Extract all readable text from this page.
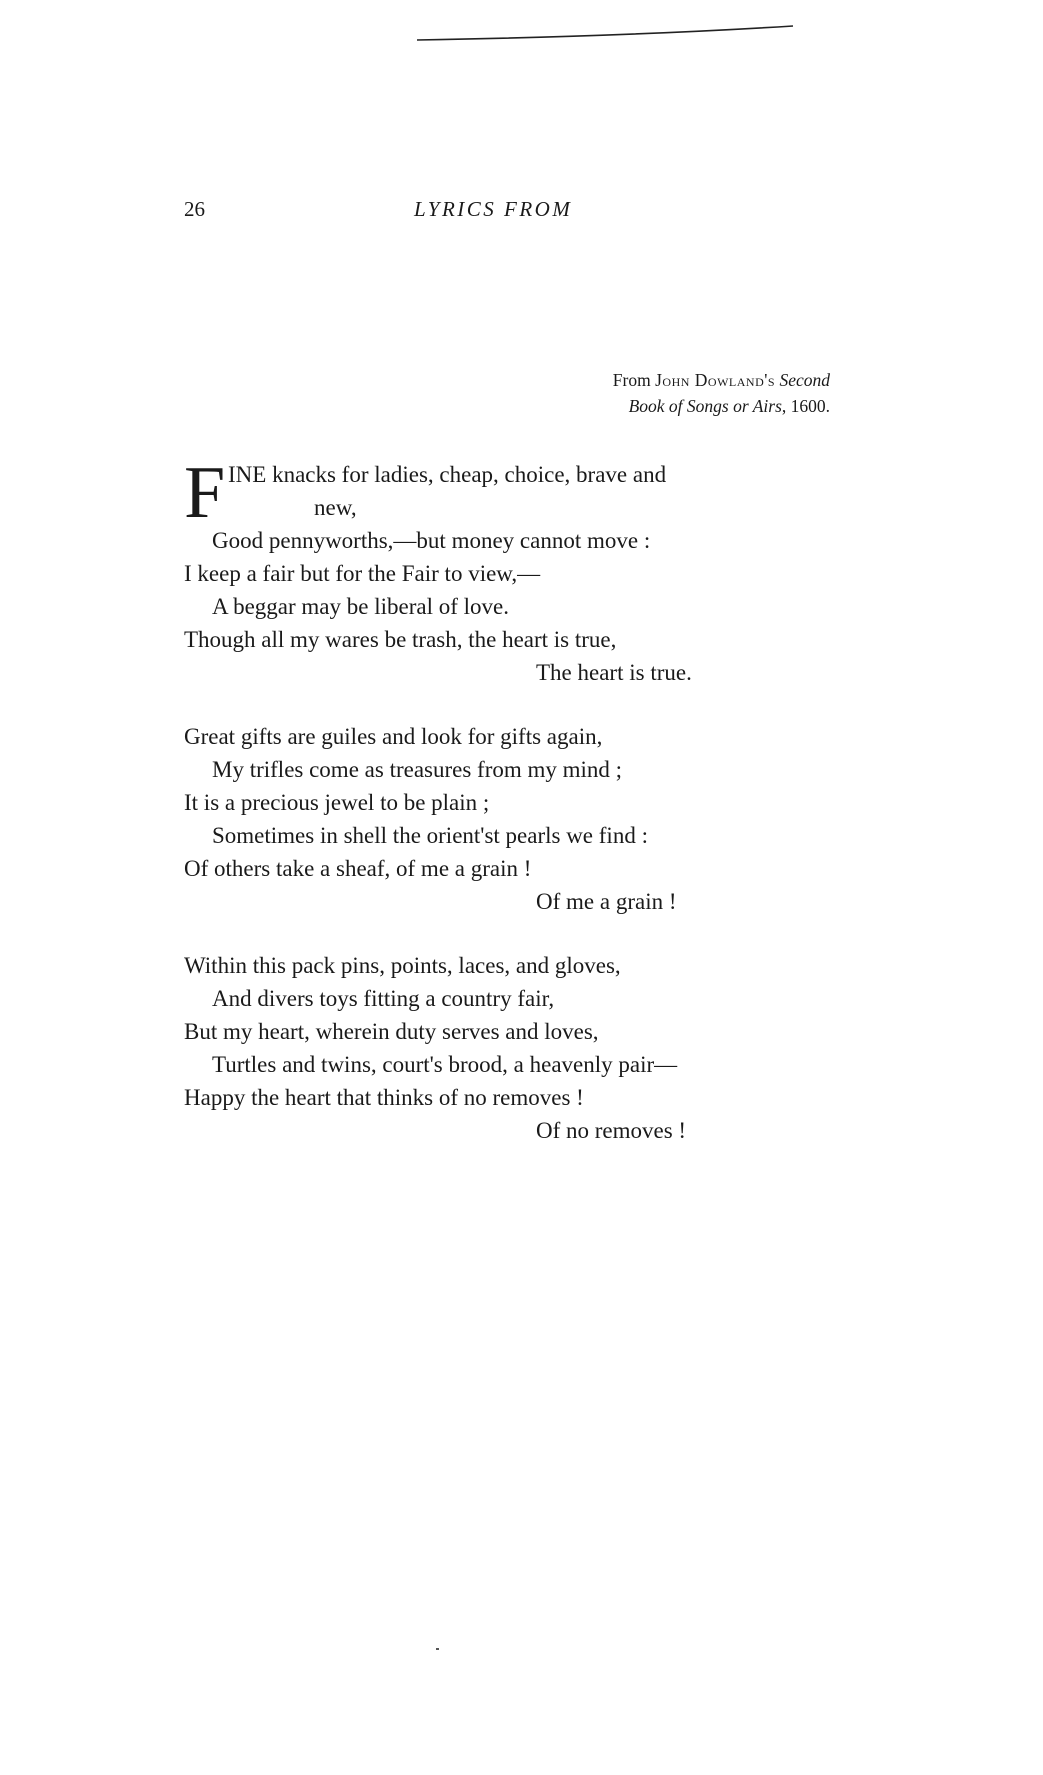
26	LYRICS FROM
From John Dowland's Second
Book of Songs or Airs, 1600.
F INE knacks for ladies, cheap, choice, brave and
new,
Good pennyworths,—but money cannot move :
I keep a fair but for the Fair to view,—
A beggar may be liberal of love.
Though all my wares be trash, the heart is true,
The heart is true.
Great gifts are guiles and look for gifts again,
My trifles come as treasures from my mind ;
It is a precious jewel to be plain ;
Sometimes in shell the orient'st pearls we find :
Of others take a sheaf, of me a grain !
Of me a grain !
Within this pack pins, points, laces, and gloves,
And divers toys fitting a country fair,
But my heart, wherein duty serves and loves,
Turtles and twins, court's brood, a heavenly pair—
Happy the heart that thinks of no removes !
Of no removes !
